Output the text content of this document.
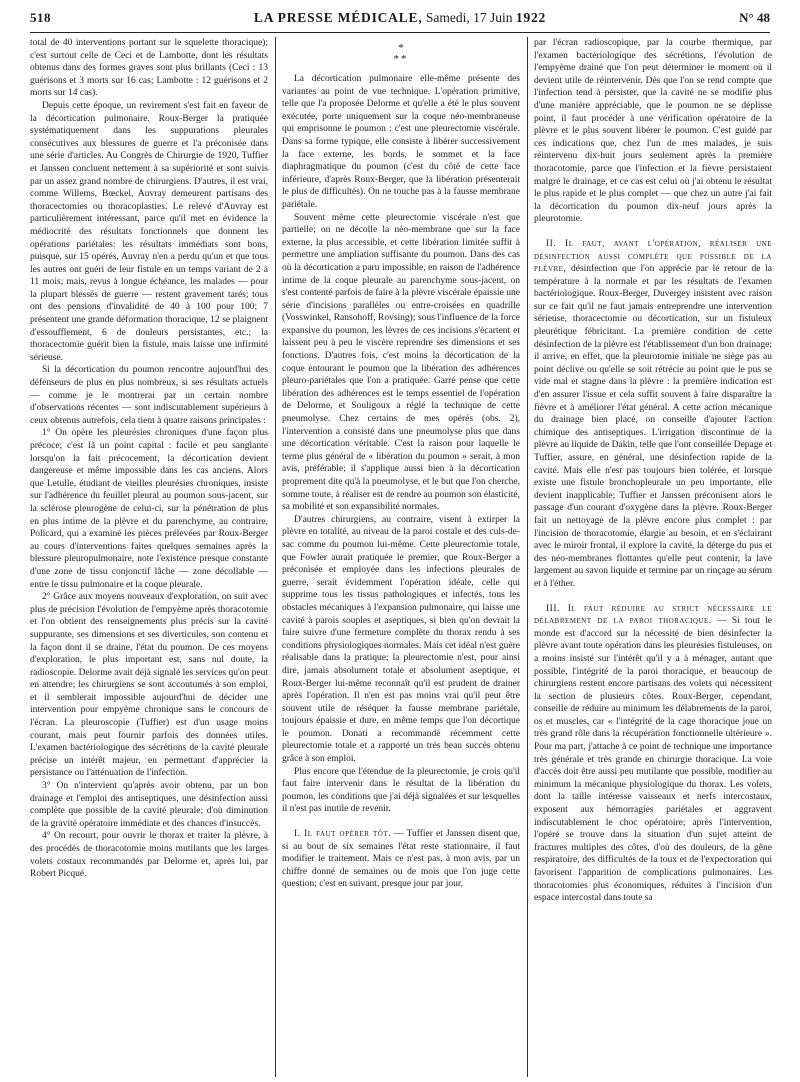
518	LA PRESSE MÉDICALE, Samedi, 17 Juin 1922	N° 48

total de 40 interventions portant sur le squelette thoracique); c'est surtout celle de Ceci et de Lambotte, dont les résultats obtenus dans des formes graves sont plus brillants (Ceci : 13 guérisons et 3 morts sur 16 cas; Lambotte : 12 guérisons et 2 morts sur 14 cas).

Depuis cette époque, un revirement s'est fait en faveur de la décortication pulmonaire. Roux-Berger la pratiquée systématiquement dans les suppurations pleurales consécutives aux blessures de guerre et l'a préconisée dans une série d'articles. Au Congrès de Chirurgie de 1920, Tuffier et Janssen concluent nettement à sa supériorité et sont suivis par un assez grand nombre de chirurgiens. D'autres, il est vrai, comme Willems, Bœckel, Auvray demeurent partisans des thoracectomies ou thoracoplasties. Le relevé d'Auvray est particulièrement intéressant, parce qu'il met en évidence la médiocrité des résultats fonctionnels que donnent les opérations pariétales: les résultats immédiats sont bons, puisque, sur 15 opérés, Auvray n'en a perdu qu'un et que tous les autres ont guéri de leur fistule en un temps variant de 2 à 11 mois; mais, revus à longue échéance, les malades — pour la plupart blessés de guerre — restent gravement tarés; tous ont des pensions d'invalidité de 40 à 100 pour 100; 7 présentent une grande déformation thoracique, 12 se plaignent d'essoufflement, 6 de douleurs persistantes, etc.; la thoracectomie guérit bien la fistule, mais laisse une infirmité sérieuse.

Si la décortication du poumon rencontre aujourd'hui des défenseurs de plus en plus nombreux, si ses résultats actuels — comme je le montrerai par un certain nombre d'observations récentes — sont indiscutablement supérieurs à ceux obtenus autrefois, cela tient à quatre raisons principales :

1° On opère les pleurésies chroniques d'une façon plus précoce; c'est là un point capital : facile et peu sanglante lorsqu'on la fait précocement, la décortication devient dangereuse et même impossible dans les cas anciens. Alors que Letulle, étudiant de vieilles pleurésies chroniques, insiste sur l'adhérence du feuillet pleural au poumon sous-jacent, sur la sclérose pleurogène de celui-ci, sur la pénétration de plus en plus intime de la plèvre et du parenchyme, au contraire, Policard, qui a examiné les pièces prélevées par Roux-Berger au cours d'interventions faites quelques semaines après la blessure pleuropulmonaire, note l'existence presque constante d'une zone de tissu conjonctif lâche — zone décollable — entre le tissu pulmonaire et la coque pleurale.

2° Grâce aux moyens nouveaux d'exploration, on suit avec plus de précision l'évolution de l'empyème après thoracotomie et l'on obtient des renseignements plus précis sur la cavité suppurante, ses dimensions et ses diverticules, son contenu et la façon dont il se draine, l'état du poumon. De ces moyens d'exploration, le plus important est, sans nul doute, la radioscopie. Delorme avait déjà signalé les services qu'on peut en attendre; les chirurgiens se sont accoutumés à son emploi, et il semblerait impossible aujourd'hui de décider une intervention pour empyème chronique sans le concours de l'écran. La pleuroscopie (Tuffier) est d'un usage moins courant, mais peut fournir parfois des données utiles. L'examen bactériologique des sécrétions de la cavité pleurale précise un intérêt majeur, en permettant d'apprécier la persistance ou l'atténuation de l'infection.

3° On n'intervient qu'après avoir obtenu, par un bon drainage et l'emploi des antiseptiques, une désinfection aussi complète que possible de la cavité pleurale; d'où diminution de la gravité opératoire immédiate et des chances d'insuccès.

4° On recourt, pour ouvrir le thorax et traiter la plèvre, à des procédés de thoracotomie moins mutilants que les larges volets costaux recommandés par Delorme et, après lui, par Robert Picqué.

*
**

La décortication pulmonaire elle-même présente des variantes au point de vue technique. L'opération primitive, telle que l'a proposée Delorme et qu'elle a été le plus souvent exécutée, porte uniquement sur la coque néo-membraneuse qui emprisonne le poumon : c'est une pleurectomie viscérale. Dans sa forme typique, elle consiste à libérer successivement la face externe, les bords, le sommet et la face diaphragmatique du poumon (c'est du côté de cette face inférieure, d'après Roux-Berger, que la libération présenterait le plus de difficultés). On ne touche pas à la fausse membrane pariétale.

Souvent même cette pleurectomie viscérale n'est que partielle; on ne décolle la néo-membrane que sur la face externe, la plus accessible, et cette libération limitée suffit à permettre une ampliation suffisante du poumon. Dans des cas où la décortication a paru impossible, en raison de l'adhérence intime de la coque pleurale au parenchyme sous-jacent, on s'est contenté parfois de faire à la plèvre viscérale épaissie une série d'incisions parallèles ou entre-croisées en quadrille (Vosswinkel, Ransohoff, Rovsing); sous l'influence de la force expansive du poumon, les lèvres de ces incisions s'écartent et laissent peu à peu le viscère reprendre ses dimensions et ses fonctions. D'autres fois, c'est moins la décortication de la coque entourant le poumon que la libération des adhérences pleuro-pariétales que l'on a pratiquée. Garré pense que cette libération des adhérences est le temps essentiel de l'opération de Delorme, et Souligoux a réglé la technique de cette pneumolyse. Chez certains de mes opérés (obs. 2), l'intervention a consisté dans une pneumolyse plus que dans une décortication véritable. C'est la raison pour laquelle le terme plus général de « libération du poumon » serait, à mon avis, préférable; il s'applique aussi bien à la décortication proprement dite qu'à la pneumolyse, et le but que l'on cherche, somme toute, à réaliser est de rendre au poumon son élasticité, sa mobilité et son expansibilité normales.

D'autres chirurgiens, au contraire, visent à extirper la plèvre en totalité, au niveau de la paroi costale et des culs-de-sac comme du poumon lui-même. Cette pleurectomie totale, que Fowler aurait pratiquée le premier, que Roux-Berger a préconisée et employée dans les infections pleurales de guerre, serait évidemment l'opération idéale, celle qui supprime tous les tissus pathologiques et infectés, tous les obstacles mécaniques à l'expansion pulmonaire, qui laisse une cavité à parois souples et aseptiques, si bien qu'on devrait la faire suivre d'une fermeture complète du thorax rendu à ses conditions physiologiques normales. Mais cet idéal n'est guère réalisable dans la pratique; la pleurectomie n'est, pour ainsi dire, jamais absolument totale et absolument aseptique, et Roux-Berger lui-même reconnaît qu'il est prudent de drainer après l'opération. Il n'en est pas moins vrai qu'il peut être souvent utile de réséquer la fausse membrane pariétale, toujours épaissie et dure, en même temps que l'on décortique le poumon. Donati a recommandé récemment cette pleurectomie totale et a rapporté un très beau succès obtenu grâce à son emploi.

Plus encore que l'étendue de la pleurectomie, je crois qu'il faut faire intervenir dans le résultat de la libération du poumon, les conditions que j'ai déjà signalées et sur lesquelles il n'est pas inutile de revenir.

I. Il faut opérer tôt. — Tuffier et Janssen disent que, si au bout de six semaines l'état reste stationnaire, il faut modifier le traitement. Mais ce n'est pas, à mon avis, par un chiffre donné de semaines ou de mois que l'on juge cette question; c'est en suivant, presque jour par jour,

par l'écran radioscopique, par la courbe thermique, par l'examen bactériologique des sécrétions, l'évolution de l'empyème drainé que l'on peut déterminer le moment où il devient utile de réintervenir. Dès que l'on se rend compte que l'infection tend à persister, que la cavité ne se modifie plus d'une manière appréciable, que le poumon ne se déplisse point, il faut procéder à une vérification opératoire de la plèvre et le plus souvent libérer le poumon. C'est guidé par ces indications que, chez l'un de mes malades, je suis réintervenu dix-huit jours seulement après la première thoracotomie, parce que l'infection et la fièvre persistaient malgré le drainage, et ce cas est celui où j'ai obtenu le résultat le plus rapide et le plus complet — que chez un autre j'ai fait la décortication du poumon dix-neuf jours après la pleurotomie.

II. Il faut, avant l'opération, réaliser une désinfection aussi complète que possible de la plèvre, désinfection que l'on appréciе par le retour de la température à la normale et par les résultats de l'examen bactériologique. Roux-Berger, Duvergey insistent avec raison sur ce fait qu'il ne faut jamais entreprendre une intervention sérieuse, thoracectomie ou décortication, sur un fistuleux pleurétique fébricitant. La première condition de cette désinfection de la plèvre est l'établissement d'un bon drainage; il arrive, en effet, que la pleurotomie initiale ne siège pas au point déclive ou qu'elle se soit rétrécie au point que le pus se vide mal et stagne dans la plèvre : la première indication est d'en assurer l'issue et cela suffit souvent à faire disparaître la fièvre et à améliorer l'état général. A cette action mécanique du drainage bien placé, on conseille d'ajouter l'action chimique des antiseptiques. L'irrigation discontinue de la plèvre au liquide de Dakin, telle que l'ont conseillée Depage et Tuffier, assure, en général, une désinfection rapide de la cavité. Mais elle n'est pas toujours bien tolérée, et lorsque existe une fistule bronchopleurale un peu importante, elle devient inapplicable; Tuffier et Janssen préconisent alors le passage d'un courant d'oxygène dans la plèvre. Roux-Berger fait un nettoyage de la plèvre encore plus complet : par l'incision de thoracotomie, élargie au besoin, et en s'éclairant avec le miroir frontal, il explore la cavité, la déterge du pus et des néo-membranes flottantes qu'elle peut contenir, la lave largement au savon liquide et termine par un rinçage au sérum et à l'éther.

III. Il faut réduire au strict nécessaire le délabrement de la paroi thoracique. — Si tout le monde est d'accord sur la nécessité de bien désinfecter la plèvre avant toute opération dans les pleurésies fistuleuses, on a moins insisté sur l'intérêt qu'il y a à ménager, autant que possible, l'intégrité de la paroi thoracique, et beaucoup de chirurgiens restent encore partisans des volets qui nécessitent la section de plusieurs côtes. Roux-Berger, cependant, conseille de réduire au minimum les délabrements de la paroi, os et muscles, car « l'intégrité de la cage thoracique joue un très grand rôle dans la récupération fonctionnelle ultérieure ». Pour ma part, j'attache à ce point de technique une importance très générale et très grande en chirurgie thoracique. La voie d'accès doit être aussi peu mutilante que possible, modifier au minimum la mécanique physiologique du thorax. Les volets, dont la taille intéresse vaisseaux et nerfs intercostaux, exposent aux hémorragies pariétales et aggravent indiscutablement le choc opératoire; après l'intervention, l'opéré se trouve dans la situation d'un sujet atteint de fractures multiples des côtes, d'où des douleurs, de la gêne respiratoire, des difficultés de la toux et de l'expectoration qui favorisent l'apparition de complications pulmonaires. Les thoracotomies plus économiques, réduites à l'incision d'un espace intercostal dans toute sa
